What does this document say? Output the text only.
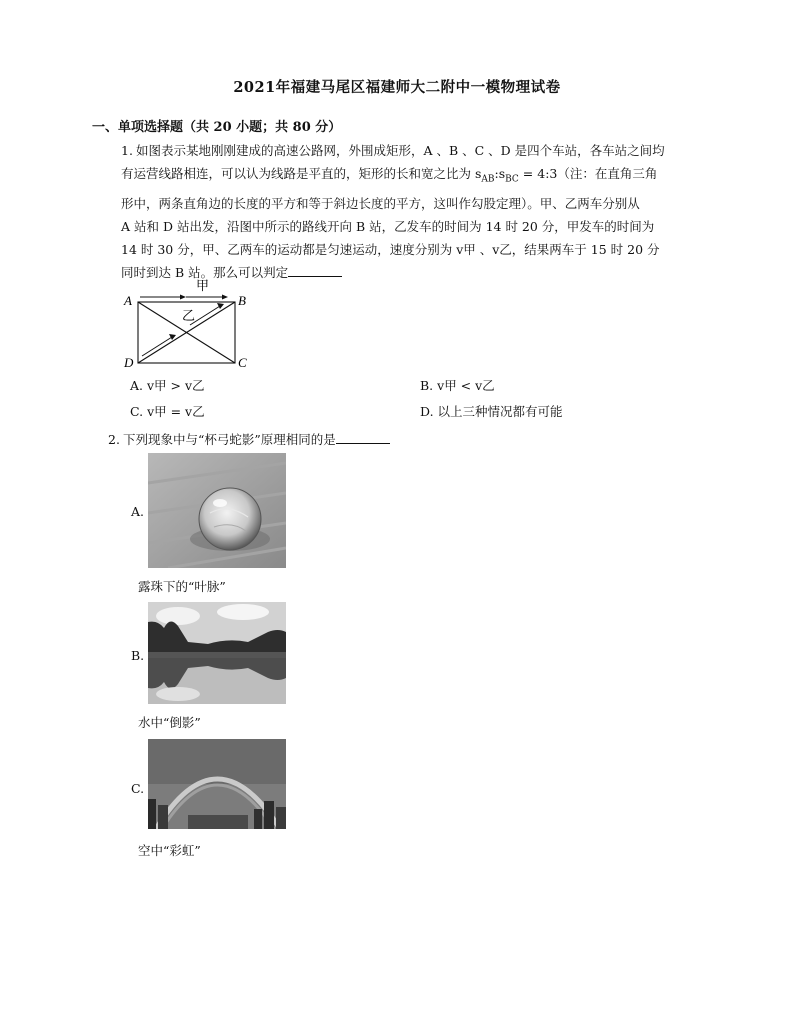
2021年福建马尾区福建师大二附中一模物理试卷
一、单项选择题（共 20 小题；共 80 分）
1. 如图表示某地刚刚建成的高速公路网，外围成矩形，A 、B 、C 、D 是四个车站，各车站之间均
有运营线路相连，可以认为线路是平直的，矩形的长和宽之比为 $s_{AB}:s_{BC}$ = 4:3（注：在直角三角
形中，两条直角边的长度的平方和等于斜边长度的平方，这叫作勾股定理）。甲、乙两车分别从
A 站和 D 站出发，沿图中所示的路线开向 B 站，乙发车的时间为 14 时 20 分，甲发车的时间为
14 时 30 分，甲、乙两车的运动都是匀速运动，速度分别为 v甲 、v乙，结果两车于 15 时 20 分
同时到达 B 站。那么可以判定
A	B
C
D
甲
乙
A. v甲 > v乙	B. v甲 < v乙
C. v甲 = v乙	D. 以上三种情况都有可能
2. 下列现象中与“杯弓蛇影”原理相同的是
A.
露珠下的“叶脉”
B.
水中“倒影”
C.
空中“彩虹”
